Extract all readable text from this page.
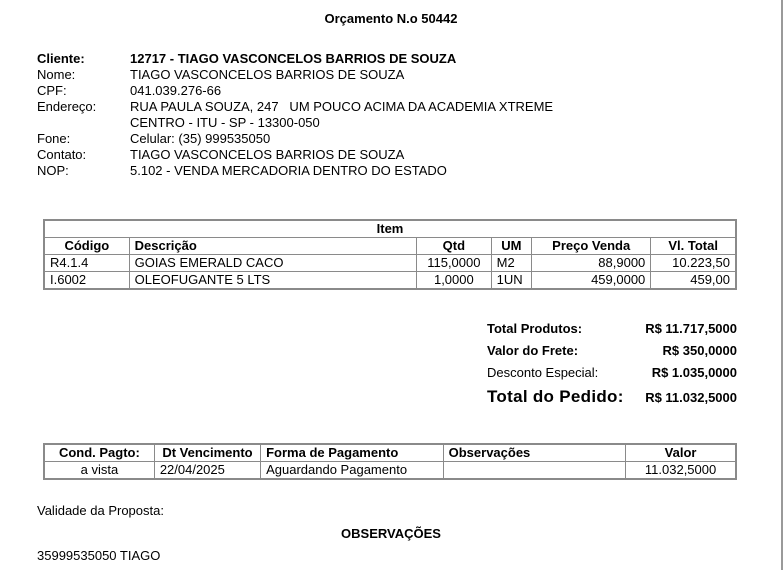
Orçamento N.o 50442
Cliente:	12717 - TIAGO VASCONCELOS BARRIOS DE SOUZA
Nome:	TIAGO VASCONCELOS BARRIOS DE SOUZA
CPF:	041.039.276-66
Endereço:	RUA PAULA SOUZA, 247   UM POUCO ACIMA DA ACADEMIA XTREME
CENTRO - ITU - SP - 13300-050
Fone:	Celular: (35) 999535050
Contato:	TIAGO VASCONCELOS BARRIOS DE SOUZA
NOP:	5.102 - VENDA MERCADORIA DENTRO DO ESTADO
Item					
Código	Descrição	Qtd	UM	Preço Venda	Vl. Total
R4.1.4	GOIAS EMERALD CACO	115,0000	M2	88,9000	10.223,50
I.6002	OLEOFUGANTE 5 LTS	1,0000	1UN	459,0000	459,00
Total Produtos:	R$ 11.717,5000
Valor do Frete:	R$ 350,0000
Desconto Especial:	R$ 1.035,0000
Total do Pedido: R$ 11.032,5000
Cond. Pagto:	Dt Vencimento	Forma de Pagamento	Observações	Valor
a vista	22/04/2025	Aguardando Pagamento		11.032,5000
Validade da Proposta:
OBSERVAÇÕES
35999535050 TIAGO
